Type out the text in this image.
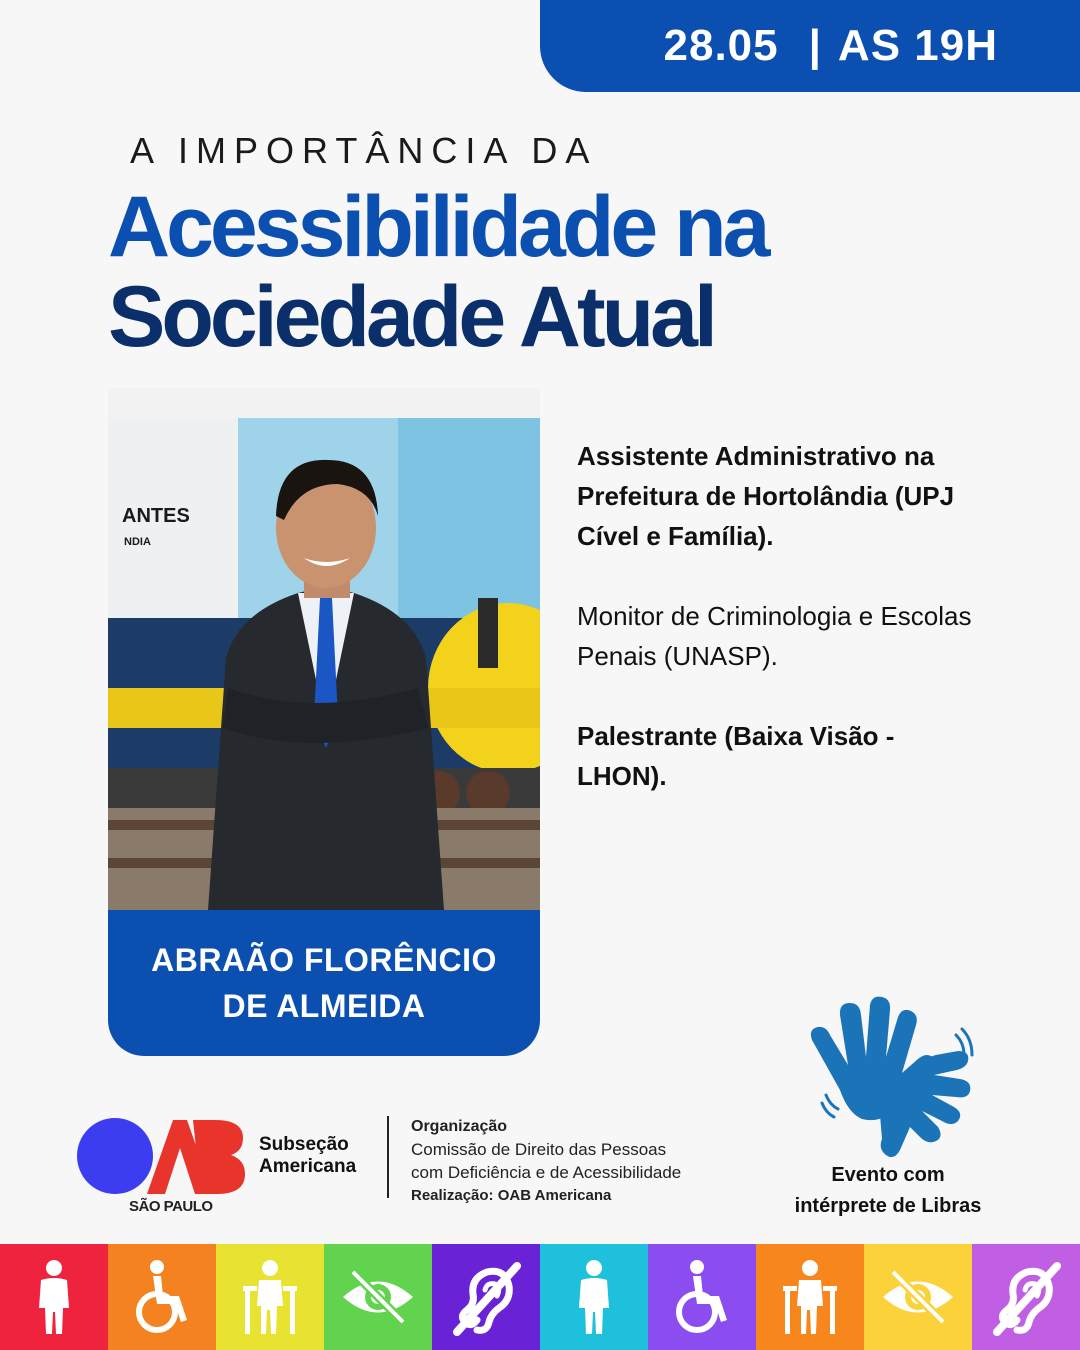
28.05 | AS 19H
A IMPORTÂNCIA DA
Acessibilidade na
Sociedade Atual
ANTES
NDIA
ABRAÃO FLORÊNCIO
DE ALMEIDA

Assistente Administrativo na Prefeitura de Hortolândia (UPJ Cível e Família).

Monitor de Criminologia e Escolas Penais (UNASP).

Palestrante (Baixa Visão - LHON).

Evento com
intérprete de Libras
SÃO PAULO
Subseção
Americana
Organização
Comissão de Direito das Pessoas
com Deficiência e de Acessibilidade
Realização: OAB Americana
